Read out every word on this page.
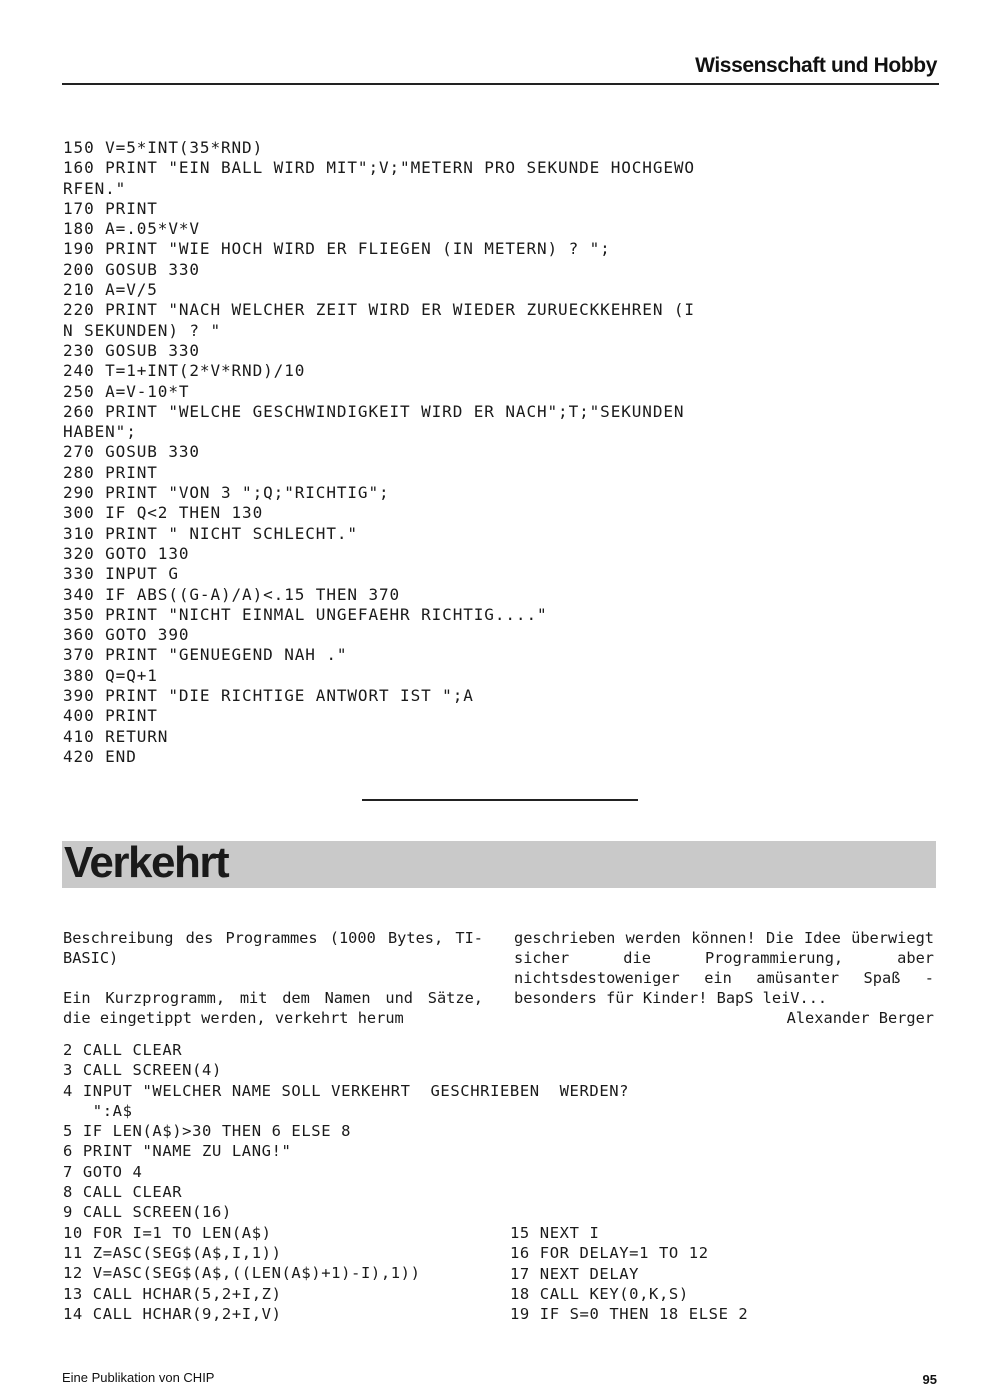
Wissenschaft und Hobby
150 V=5*INT(35*RND)
160 PRINT "EIN BALL WIRD MIT";V;"METERN PRO SEKUNDE HOCHGEWO
RFEN."
170 PRINT
180 A=.05*V*V
190 PRINT "WIE HOCH WIRD ER FLIEGEN (IN METERN) ? ";
200 GOSUB 330
210 A=V/5
220 PRINT "NACH WELCHER ZEIT WIRD ER WIEDER ZURUECKKEHREN (I
N SEKUNDEN) ? "
230 GOSUB 330
240 T=1+INT(2*V*RND)/10
250 A=V-10*T
260 PRINT "WELCHE GESCHWINDIGKEIT WIRD ER NACH";T;"SEKUNDEN
HABEN";
270 GOSUB 330
280 PRINT
290 PRINT "VON 3 ";Q;"RICHTIG";
300 IF Q<2 THEN 130
310 PRINT " NICHT SCHLECHT."
320 GOTO 130
330 INPUT G
340 IF ABS((G-A)/A)<.15 THEN 370
350 PRINT "NICHT EINMAL UNGEFAEHR RICHTIG...."
360 GOTO 390
370 PRINT "GENUEGEND NAH ."
380 Q=Q+1
390 PRINT "DIE RICHTIGE ANTWORT IST ";A
400 PRINT
410 RETURN
420 END
Verkehrt

Beschreibung des Programmes (1000 Bytes, TI-BASIC)

Ein Kurzprogramm, mit dem Namen und Sätze, die eingetippt werden, verkehrt herum

geschrieben werden können! Die Idee überwiegt sicher die Programmierung, aber nichtsdestoweniger ein amüsanter Spaß - besonders für Kinder! BapS leiV...

Alexander Berger

2 CALL CLEAR
3 CALL SCREEN(4)
4 INPUT "WELCHER NAME SOLL VERKEHRT  GESCHRIEBEN  WERDEN?
":A$
5 IF LEN(A$)>30 THEN 6 ELSE 8
6 PRINT "NAME ZU LANG!"
7 GOTO 4
8 CALL CLEAR
9 CALL SCREEN(16)
10 FOR I=1 TO LEN(A$)
11 Z=ASC(SEG$(A$,I,1))
12 V=ASC(SEG$(A$,((LEN(A$)+1)-I),1))
13 CALL HCHAR(5,2+I,Z)
14 CALL HCHAR(9,2+I,V)
15 NEXT I
16 FOR DELAY=1 TO 12
17 NEXT DELAY
18 CALL KEY(0,K,S)
19 IF S=0 THEN 18 ELSE 2
Eine Publikation von CHIP	95
